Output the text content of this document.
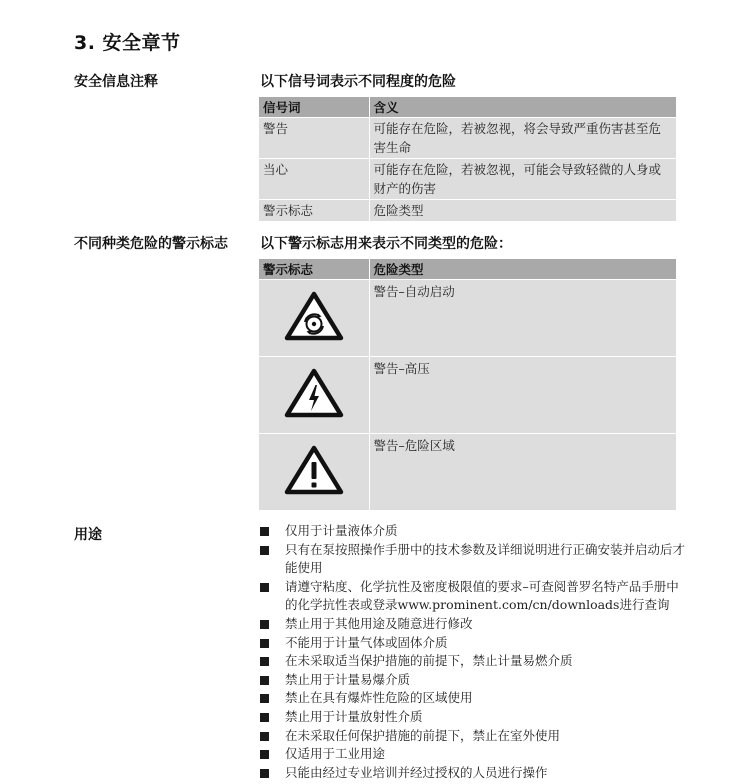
3. 安全章节
安全信息注释	以下信号词表示不同程度的危险
信号词	含义
警告	可能存在危险，若被忽视，将会导致严重伤害甚至危害生命
当心	可能存在危险，若被忽视，可能会导致轻微的人身或财产的伤害
警示标志	危险类型
不同种类危险的警示标志 以下警示标志用来表示不同类型的危险：
警示标志	危险类型
	警告–自动启动
	警告–高压
	警告–危险区域
用途	仅用于计量液体介质
只有在泵按照操作手册中的技术参数及详细说明进行正确安装并启动后才能使用
请遵守粘度、化学抗性及密度极限值的要求–可查阅普罗名特产品手册中的化学抗性表或登录www.prominent.com/cn/downloads进行查询
禁止用于其他用途及随意进行修改
不能用于计量气体或固体介质
在未采取适当保护措施的前提下，禁止计量易燃介质
禁止用于计量易爆介质
禁止在具有爆炸性危险的区域使用
禁止用于计量放射性介质
在未采取任何保护措施的前提下，禁止在室外使用
仅适用于工业用途
只能由经过专业培训并经过授权的人员进行操作
